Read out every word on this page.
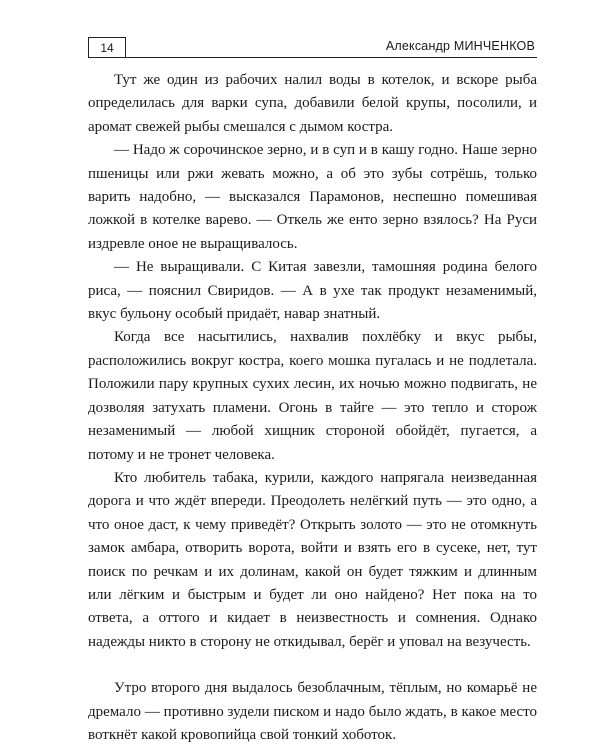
14	Александр МИНЧЕНКОВ

Тут же один из рабочих налил воды в котелок, и вскоре рыба определилась для варки супа, добавили белой крупы, посолили, и аромат свежей рыбы смешался с дымом костра.

— Надо ж сорочинское зерно, и в суп и в кашу годно. Наше зерно пшеницы или ржи жевать можно, а об это зубы сотрёшь, только варить надобно, — высказался Парамонов, неспешно помешивая ложкой в котелке варево. — Откель же енто зерно взялось? На Руси издревле оное не выращивалось.

— Не выращивали. С Китая завезли, тамошняя родина белого риса, — пояснил Свиридов. — А в ухе так продукт незаменимый, вкус бульону особый придаёт, навар знатный.

Когда все насытились, нахвалив похлёбку и вкус рыбы, расположились вокруг костра, коего мошка пугалась и не подлетала. Положили пару крупных сухих лесин, их ночью можно подвигать, не дозволяя затухать пламени. Огонь в тайге — это тепло и сторож незаменимый — любой хищник стороной обойдёт, пугается, а потому и не тронет человека.

Кто любитель табака, курили, каждого напрягала неизведанная дорога и что ждёт впереди. Преодолеть нелёгкий путь — это одно, а что оное даст, к чему приведёт? Открыть золото — это не отомкнуть замок амбара, отворить ворота, войти и взять его в сусеке, нет, тут поиск по речкам и их долинам, какой он будет тяжким и длинным или лёгким и быстрым и будет ли оно найдено? Нет пока на то ответа, а оттого и кидает в неизвестность и сомнения. Однако надежды никто в сторону не откидывал, берёг и уповал на везучесть.

Утро второго дня выдалось безоблачным, тёплым, но комарьё не дремало — противно зудели писком и надо было ждать, в какое место воткнёт какой кровопийца свой тонкий хоботок.
